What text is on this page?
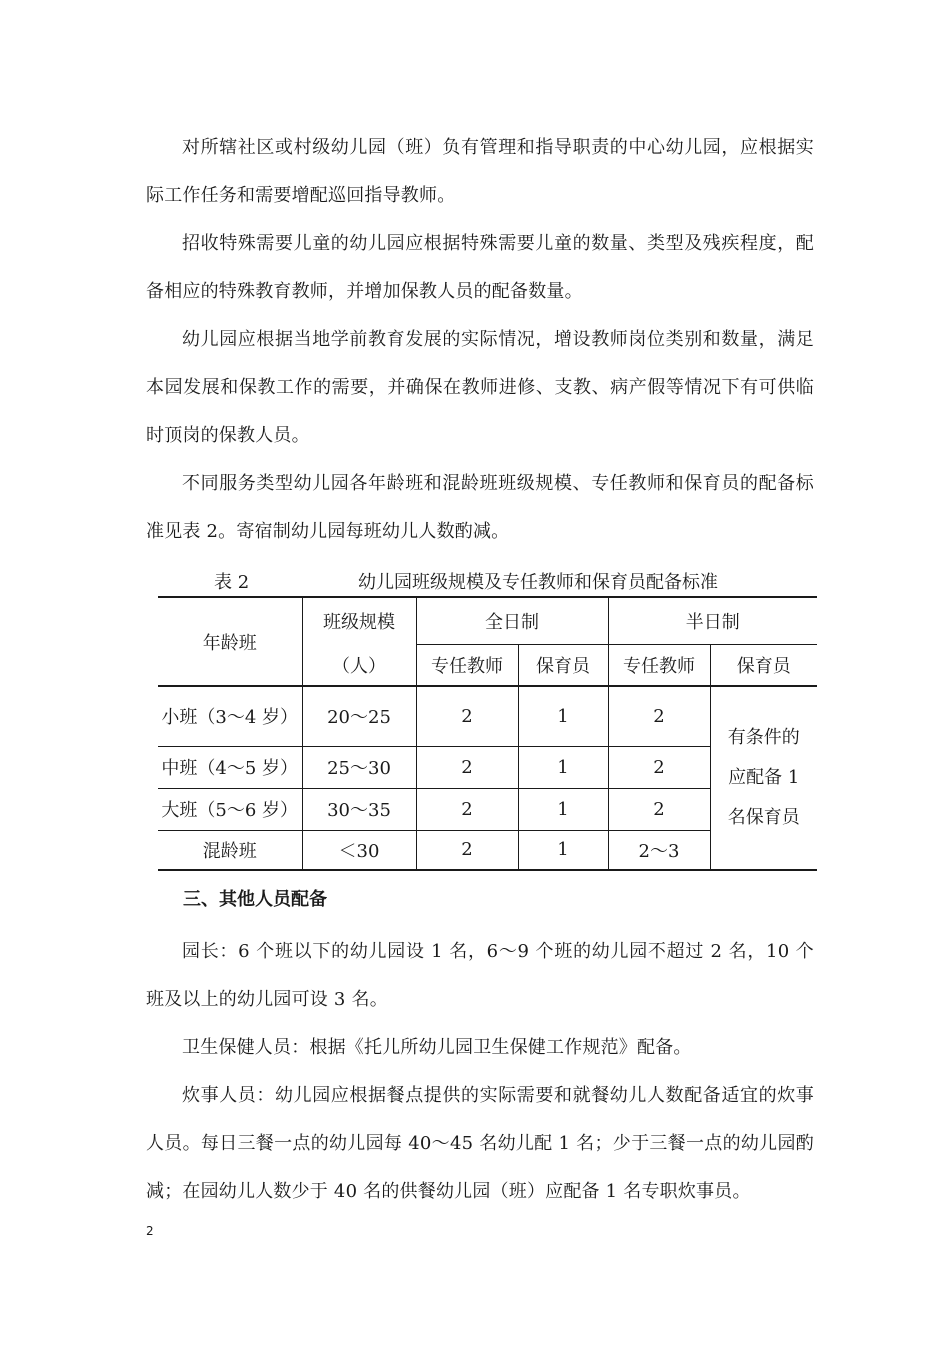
对所辖社区或村级幼儿园（班）负有管理和指导职责的中心幼儿园，应根据实际工作任务和需要增配巡回指导教师。

招收特殊需要儿童的幼儿园应根据特殊需要儿童的数量、类型及残疾程度，配备相应的特殊教育教师，并增加保教人员的配备数量。

幼儿园应根据当地学前教育发展的实际情况，增设教师岗位类别和数量，满足本园发展和保教工作的需要，并确保在教师进修、支教、病产假等情况下有可供临时顶岗的保教人员。

不同服务类型幼儿园各年龄班和混龄班班级规模、专任教师和保育员的配备标准见表 2。寄宿制幼儿园每班幼儿人数酌减。

表 2	幼儿园班级规模及专任教师和保育员配备标准
年龄班	班级规模	全日制		半日制	
	（人）	专任教师	保育员	专任教师	保育员
小班（3～4 岁）	20～25	2	1	2	有条件的
应配备 1
名保育员

中班（4～5 岁）	25～30	2	1	2	
大班（5～6 岁）	30～35	2	1	2	
混龄班	＜30	2	1	2～3	
三、其他人员配备

园长：6 个班以下的幼儿园设 1 名，6～9 个班的幼儿园不超过 2 名，10 个班及以上的幼儿园可设 3 名。

卫生保健人员：根据《托儿所幼儿园卫生保健工作规范》配备。

炊事人员：幼儿园应根据餐点提供的实际需要和就餐幼儿人数配备适宜的炊事人员。每日三餐一点的幼儿园每 40～45 名幼儿配 1 名；少于三餐一点的幼儿园酌减；在园幼儿人数少于 40 名的供餐幼儿园（班）应配备 1 名专职炊事员。

2
